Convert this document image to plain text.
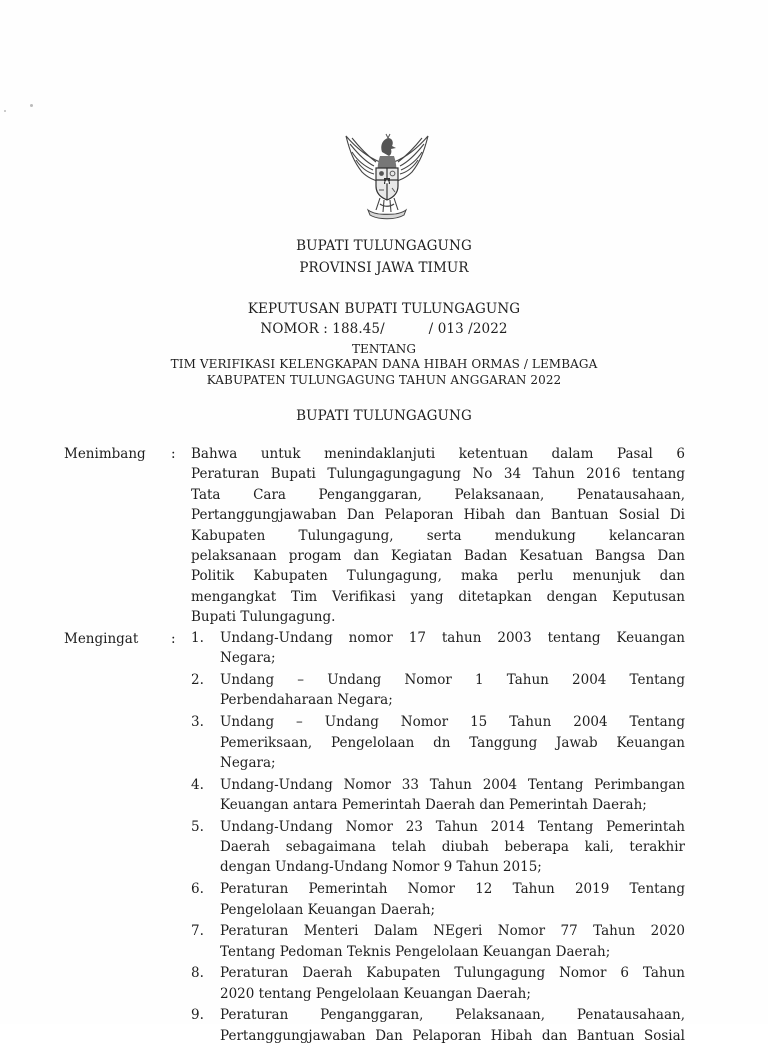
BUPATI TULUNGAGUNG
PROVINSI JAWA TIMUR
KEPUTUSAN BUPATI TULUNGAGUNG
NOMOR : 188.45/          / 013 /2022
TENTANG
TIM VERIFIKASI KELENGKAPAN DANA HIBAH ORMAS / LEMBAGA
KABUPATEN TULUNGAGUNG TAHUN ANGGARAN 2022
BUPATI TULUNGAGUNG
Menimbang : Bahwa untuk menindaklanjuti ketentuan dalam Pasal 6
Peraturan Bupati Tulungagungagung No 34 Tahun 2016 tentang
Tata Cara Penganggaran, Pelaksanaan, Penatausahaan,
Pertanggungjawaban Dan Pelaporan Hibah dan Bantuan Sosial Di
Kabupaten Tulungagung, serta mendukung kelancaran
pelaksanaan progam dan Kegiatan Badan Kesatuan Bangsa Dan
Politik Kabupaten Tulungagung, maka perlu menunjuk dan
mengangkat Tim Verifikasi yang ditetapkan dengan Keputusan
Bupati Tulungagung.
Mengingat : 1. Undang-Undang nomor 17 tahun 2003 tentang Keuangan
Negara;
2. Undang – Undang Nomor 1 Tahun 2004 Tentang
Perbendaharaan Negara;
3. Undang – Undang Nomor 15 Tahun 2004 Tentang
Pemeriksaan, Pengelolaan dn Tanggung Jawab Keuangan
Negara;
4. Undang-Undang Nomor 33 Tahun 2004 Tentang Perimbangan
Keuangan antara Pemerintah Daerah dan Pemerintah Daerah;
5. Undang-Undang Nomor 23 Tahun 2014 Tentang Pemerintah
Daerah sebagaimana telah diubah beberapa kali, terakhir
dengan Undang-Undang Nomor 9 Tahun 2015;
6. Peraturan Pemerintah Nomor 12 Tahun 2019 Tentang
Pengelolaan Keuangan Daerah;
7. Peraturan Menteri Dalam NEgeri Nomor 77 Tahun 2020
Tentang Pedoman Teknis Pengelolaan Keuangan Daerah;
8. Peraturan Daerah Kabupaten Tulungagung Nomor 6 Tahun
2020 tentang Pengelolaan Keuangan Daerah;
9. Peraturan Penganggaran, Pelaksanaan, Penatausahaan,
Pertanggungjawaban Dan Pelaporan Hibah dan Bantuan Sosial
